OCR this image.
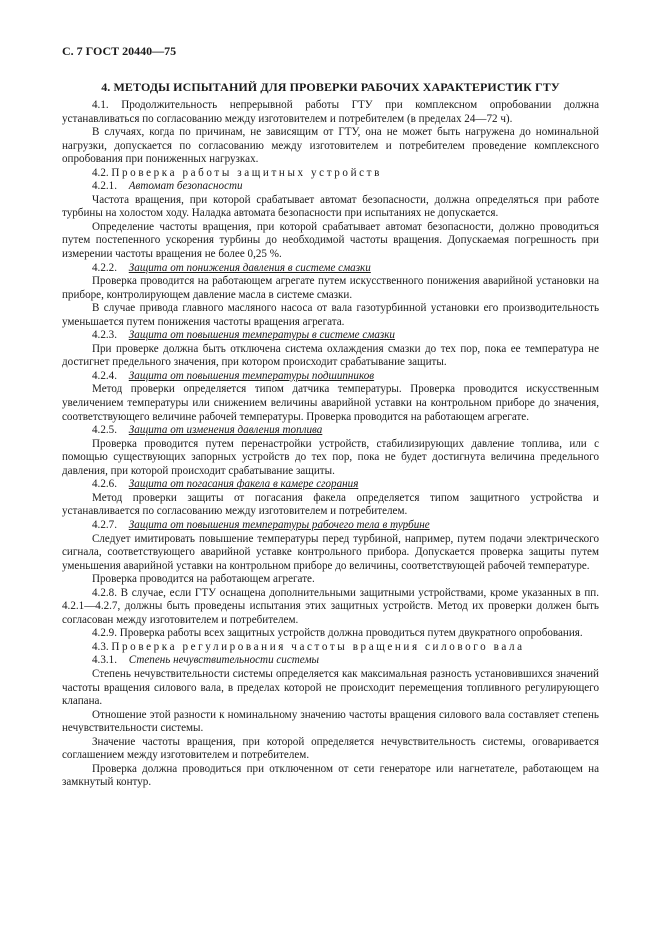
С. 7 ГОСТ 20440—75
4. МЕТОДЫ ИСПЫТАНИЙ ДЛЯ ПРОВЕРКИ РАБОЧИХ ХАРАКТЕРИСТИК ГТУ

4.1. Продолжительность непрерывной работы ГТУ при комплексном опробовании должна устанавливаться по согласованию между изготовителем и потребителем (в пределах 24—72 ч).

В случаях, когда по причинам, не зависящим от ГТУ, она не может быть нагружена до номинальной нагрузки, допускается по согласованию между изготовителем и потребителем проведение комплексного опробования при пониженных нагрузках.

4.2. Проверка работы защитных устройств

4.2.1. Автомат безопасности

Частота вращения, при которой срабатывает автомат безопасности, должна определяться при работе турбины на холостом ходу. Наладка автомата безопасности при испытаниях не допускается.

Определение частоты вращения, при которой срабатывает автомат безопасности, должно проводиться путем постепенного ускорения турбины до необходимой частоты вращения. Допускаемая погрешность при измерении частоты вращения не более 0,25 %.

4.2.2. Защита от понижения давления в системе смазки

Проверка проводится на работающем агрегате путем искусственного понижения аварийной установки на приборе, контролирующем давление масла в системе смазки.

В случае привода главного масляного насоса от вала газотурбинной установки его производительность уменьшается путем понижения частоты вращения агрегата.

4.2.3. Защита от повышения температуры в системе смазки

При проверке должна быть отключена система охлаждения смазки до тех пор, пока ее температура не достигнет предельного значения, при котором происходит срабатывание защиты.

4.2.4. Защита от повышения температуры подшипников

Метод проверки определяется типом датчика температуры. Проверка проводится искусственным увеличением температуры или снижением величины аварийной уставки на контрольном приборе до значения, соответствующего величине рабочей температуры. Проверка проводится на работающем агрегате.

4.2.5. Защита от изменения давления топлива

Проверка проводится путем перенастройки устройств, стабилизирующих давление топлива, или с помощью существующих запорных устройств до тех пор, пока не будет достигнута величина предельного давления, при которой происходит срабатывание защиты.

4.2.6. Защита от погасания факела в камере сгорания

Метод проверки защиты от погасания факела определяется типом защитного устройства и устанавливается по согласованию между изготовителем и потребителем.

4.2.7. Защита от повышения температуры рабочего тела в турбине

Следует имитировать повышение температуры перед турбиной, например, путем подачи электрического сигнала, соответствующего аварийной уставке контрольного прибора. Допускается проверка защиты путем уменьшения аварийной уставки на контрольном приборе до величины, соответствующей рабочей температуре.

Проверка проводится на работающем агрегате.

4.2.8. В случае, если ГТУ оснащена дополнительными защитными устройствами, кроме указанных в пп. 4.2.1—4.2.7, должны быть проведены испытания этих защитных устройств. Метод их проверки должен быть согласован между изготовителем и потребителем.

4.2.9. Проверка работы всех защитных устройств должна проводиться путем двукратного опробования.

4.3. Проверка регулирования частоты вращения силового вала

4.3.1. Степень нечувствительности системы

Степень нечувствительности системы определяется как максимальная разность установившихся значений частоты вращения силового вала, в пределах которой не происходит перемещения топливного регулирующего клапана.

Отношение этой разности к номинальному значению частоты вращения силового вала составляет степень нечувствительности системы.

Значение частоты вращения, при которой определяется нечувствительность системы, оговаривается соглашением между изготовителем и потребителем.

Проверка должна проводиться при отключенном от сети генераторе или нагнетателе, работающем на замкнутый контур.
